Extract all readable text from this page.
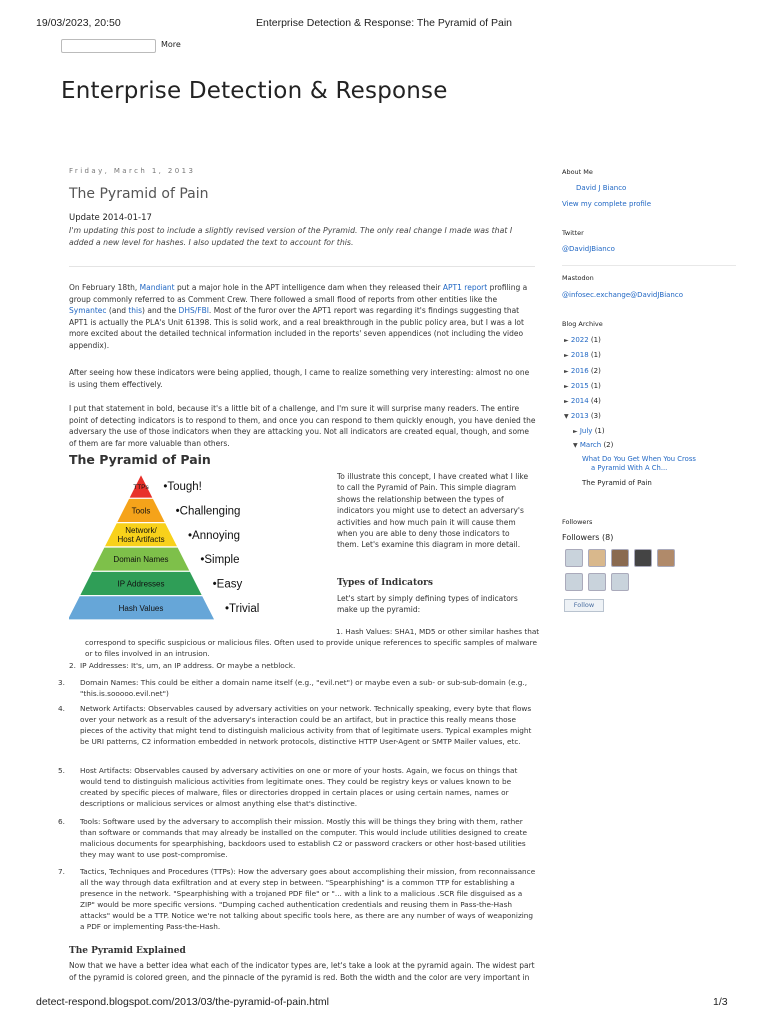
19/03/2023, 20:50	Enterprise Detection & Response: The Pyramid of Pain
More
Enterprise Detection & Response
Friday, March 1, 2013
The Pyramid of Pain
Update 2014-01-17
I'm updating this post to include a slightly revised version of the Pyramid. The only real change I made was that I added a new level for hashes. I also updated the text to account for this.
On February 18th, Mandiant put a major hole in the APT intelligence dam when they released their APT1 report profiling a group commonly referred to as Comment Crew. There followed a small flood of reports from other entities like the Symantec (and this) and the DHS/FBI. Most of the furor over the APT1 report was regarding it's findings suggesting that APT1 is actually the PLA's Unit 61398. This is solid work, and a real breakthrough in the public policy area, but I was a lot more excited about the detailed technical information included in the reports' seven appendices (not including the video appendix).
After seeing how these indicators were being applied, though, I came to realize something very interesting: almost no one is using them effectively.
I put that statement in bold, because it's a little bit of a challenge, and I'm sure it will surprise many readers. The entire point of detecting indicators is to respond to them, and once you can respond to them quickly enough, you have denied the adversary the use of those indicators when they are attacking you. Not all indicators are created equal, though, and some of them are far more valuable than others.
The Pyramid of Pain
TTPs •Tough!
Tools •Challenging
Network/
Host Artifacts •Annoying
Domain Names	•Simple
IP Addresses	•Easy
Hash Values	•Trivial
To illustrate this concept, I have created what I like to call the Pyramid of Pain. This simple diagram shows the relationship between the types of indicators you might use to detect an adversary's activities and how much pain it will cause them when you are able to deny those indicators to them. Let's examine this diagram in more detail.
Types of Indicators
Let's start by simply defining types of indicators make up the pyramid:
1. Hash Values: SHA1, MD5 or other similar hashes that correspond to specific suspicious or malicious files. Often used to provide unique references to specific samples of malware or to files involved in an intrusion.
2. IP Addresses: It's, um, an IP address. Or maybe a netblock.
3. Domain Names: This could be either a domain name itself (e.g., "evil.net") or maybe even a sub- or sub-sub-domain (e.g., "this.is.sooooo.evil.net")
4. Network Artifacts: Observables caused by adversary activities on your network. Technically speaking, every byte that flows over your network as a result of the adversary's interaction could be an artifact, but in practice this really means those pieces of the activity that might tend to distinguish malicious activity from that of legitimate users. Typical examples might be URI patterns, C2 information embedded in network protocols, distinctive HTTP User-Agent or SMTP Mailer values, etc.
5. Host Artifacts: Observables caused by adversary activities on one or more of your hosts. Again, we focus on things that would tend to distinguish malicious activities from legitimate ones. They could be registry keys or values known to be created by specific pieces of malware, files or directories dropped in certain places or using certain names, names or descriptions or malicious services or almost anything else that's distinctive.
6. Tools: Software used by the adversary to accomplish their mission. Mostly this will be things they bring with them, rather than software or commands that may already be installed on the computer. This would include utilities designed to create malicious documents for spearphishing, backdoors used to establish C2 or password crackers or other host-based utilities they may want to use post-compromise.
7. Tactics, Techniques and Procedures (TTPs): How the adversary goes about accomplishing their mission, from reconnaissance all the way through data exfiltration and at every step in between. "Spearphishing" is a common TTP for establishing a presence in the network. "Spearphishing with a trojaned PDF file" or "... with a link to a malicious .SCR file disguised as a ZIP" would be more specific versions. "Dumping cached authentication credentials and reusing them in Pass-the-Hash attacks" would be a TTP. Notice we're not talking about specific tools here, as there are any number of ways of weaponizing a PDF or implementing Pass-the-Hash.
The Pyramid Explained
Now that we have a better idea what each of the indicator types are, let's take a look at the pyramid again. The widest part of the pyramid is colored green, and the pinnacle of the pyramid is red. Both the width and the color are very important in
About Me
David J Bianco
View my complete profile
Twitter
@DavidJBianco
Mastodon
@infosec.exchange@DavidJBianco
Blog Archive
► 2022 (1)
► 2018 (1)
► 2016 (2)
► 2015 (1)
► 2014 (4)
▼ 2013 (3)
► July (1)
▼ March (2)
What Do You Get When You Cross a Pyramid With A Ch...
The Pyramid of Pain
Followers
Followers (8)
Follow
detect-respond.blogspot.com/2013/03/the-pyramid-of-pain.html	1/3
